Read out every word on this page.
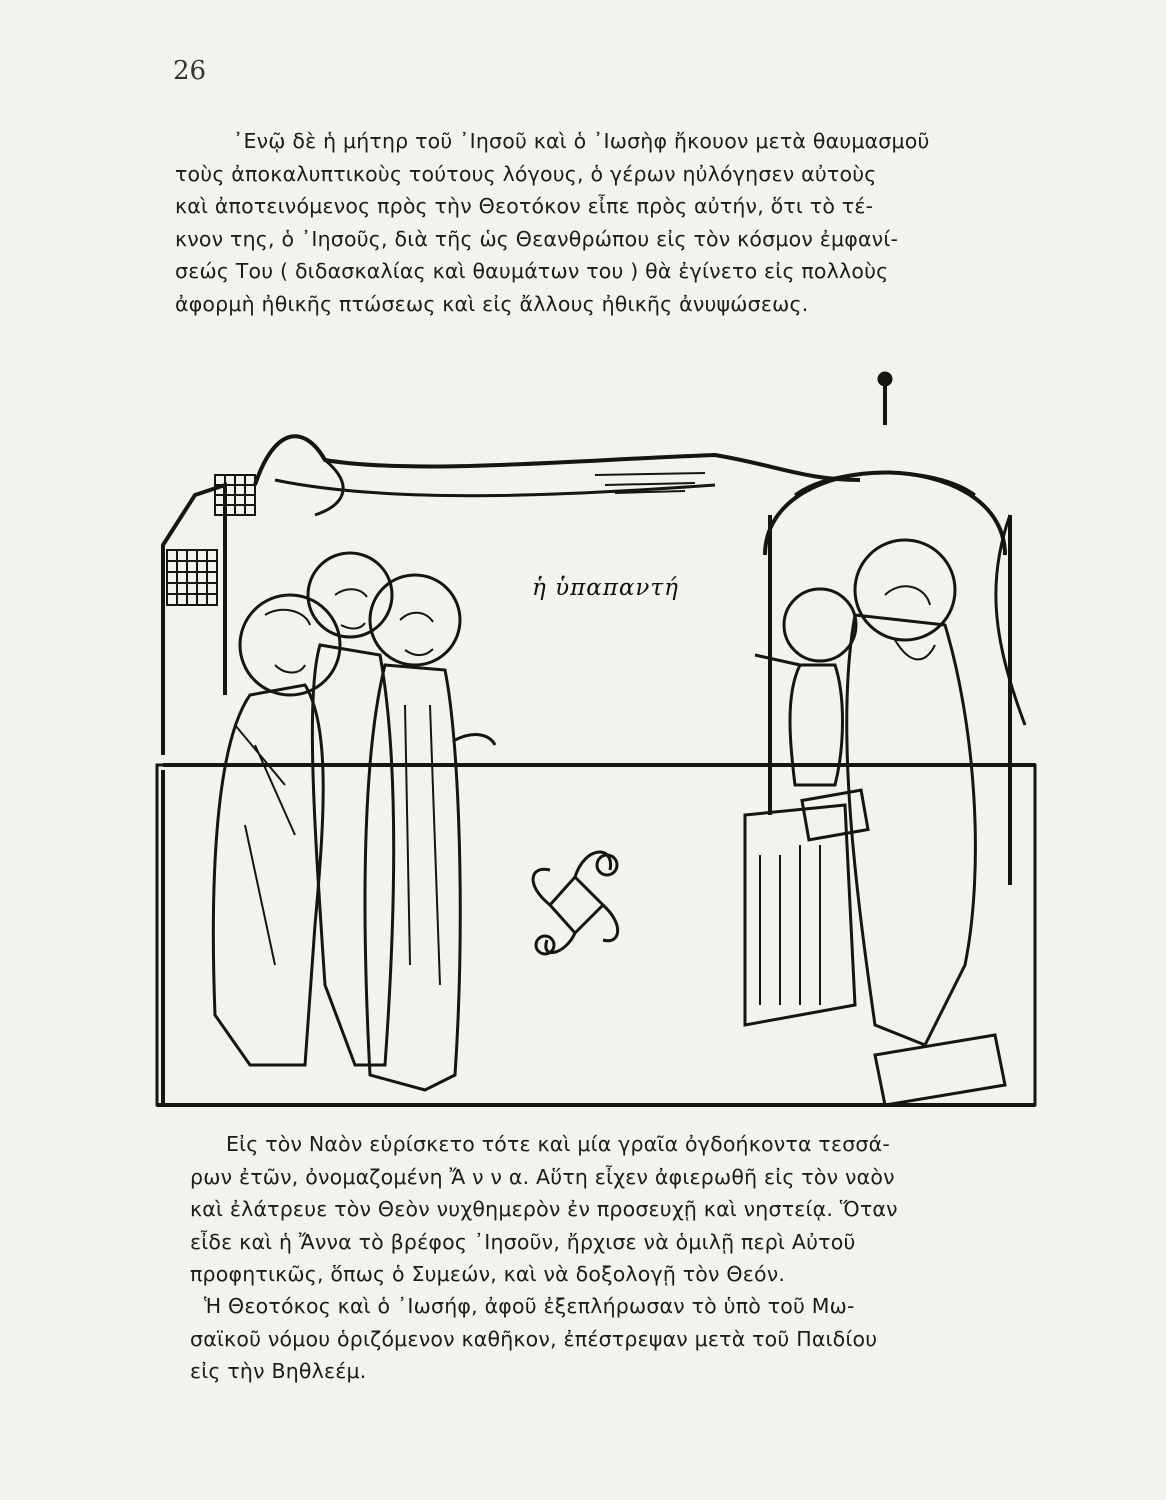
26
᾿Ενῷ δὲ ἡ μήτηρ τοῦ ᾿Ιησοῦ καὶ ὁ ᾿Ιωσὴφ ἤκουον μετὰ θαυμασμοῦ
τοὺς ἀποκαλυπτικοὺς τούτους λόγους, ὁ γέρων ηὐλόγησεν αὐτοὺς
καὶ ἀποτεινόμενος πρὸς τὴν Θεοτόκον εἶπε πρὸς αὐτήν, ὅτι τὸ τέ-
κνον της, ὁ ᾿Ιησοῦς, διὰ τῆς ὡς Θεανθρώπου εἰς τὸν κόσμον ἐμφανί-
σεώς Του ( διδασκαλίας καὶ θαυμάτων του ) θὰ ἐγίνετο εἰς πολλοὺς
ἀφορμὴ ἠθικῆς πτώσεως καὶ εἰς ἄλλους ἠθικῆς ἀνυψώσεως.
ἡ ὑπαπαντή
Εἰς τὸν Ναὸν εὑρίσκετο τότε καὶ μία γραῖα ὀγδοήκοντα τεσσά-
ρων ἐτῶν, ὀνομαζομένη Ἄ ν ν α. Αὕτη εἶχεν ἀφιερωθῆ εἰς τὸν ναὸν
καὶ ἐλάτρευε τὸν Θεὸν νυχθημερὸν ἐν προσευχῇ καὶ νηστείᾳ. Ὅταν
εἶδε καὶ ἡ Ἄννα τὸ βρέφος ᾿Ιησοῦν, ἤρχισε νὰ ὁμιλῇ περὶ Αὐτοῦ
προφητικῶς, ὅπως ὁ Συμεών, καὶ νὰ δοξολογῇ τὸν Θεόν.
Ἡ Θεοτόκος καὶ ὁ ᾿Ιωσήφ, ἀφοῦ ἐξεπλήρωσαν τὸ ὑπὸ τοῦ Μω-
σαϊκοῦ νόμου ὁριζόμενον καθῆκον, ἐπέστρεψαν μετὰ τοῦ Παιδίου
εἰς τὴν Βηθλεέμ.
